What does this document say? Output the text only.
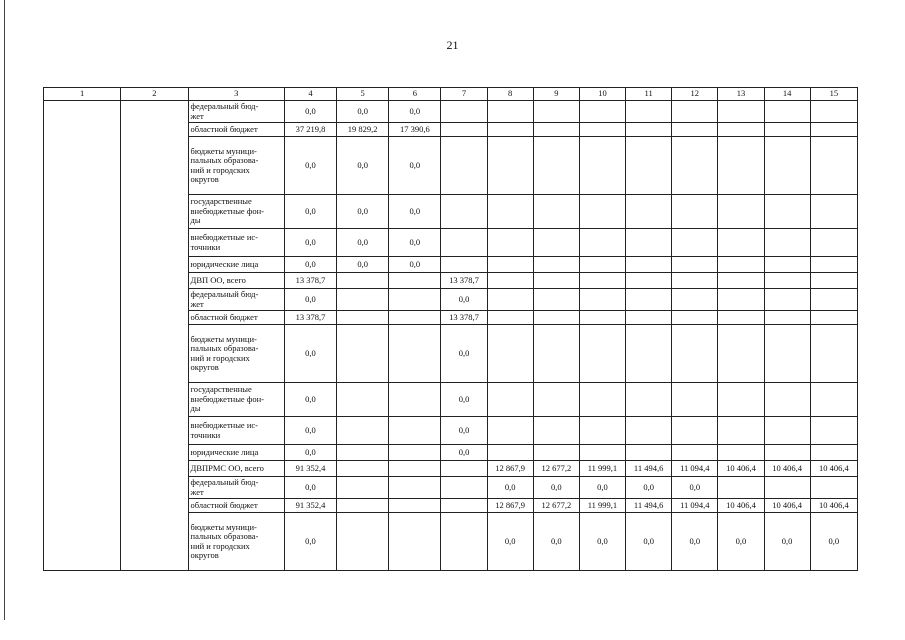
21
1	2	3	4	5	6	7	8	9	10	11	12	13	14	15
		федеральный бюд-
жет	0,0	0,0	0,0									
		областной бюджет	37 219,8	19 829,2	17 390,6									
		бюджеты муници-
пальных образова-
ний и городских
округов	0,0	0,0	0,0									
		государственные
внебюджетные фон-
ды	0,0	0,0	0,0									
		внебюджетные ис-
точники	0,0	0,0	0,0									
		юридические лица	0,0	0,0	0,0									
		ДВП ОО, всего	13 378,7			13 378,7								
		федеральный бюд-
жет	0,0			0,0								
		областной бюджет	13 378,7			13 378,7								
		бюджеты муници-
пальных образова-
ний и городских
округов	0,0			0,0								
		государственные
внебюджетные фон-
ды	0,0			0,0								
		внебюджетные ис-
точники	0,0			0,0								
		юридические лица	0,0			0,0								
		ДВПРМС ОО, всего	91 352,4				12 867,9	12 677,2	11 999,1	11 494,6	11 094,4	10 406,4	10 406,4	10 406,4
		федеральный бюд-
жет	0,0				0,0	0,0	0,0	0,0	0,0			
		областной бюджет	91 352,4				12 867,9	12 677,2	11 999,1	11 494,6	11 094,4	10 406,4	10 406,4	10 406,4
		бюджеты муници-
пальных образова-
ний и городских
округов	0,0				0,0	0,0	0,0	0,0	0,0	0,0	0,0	0,0
